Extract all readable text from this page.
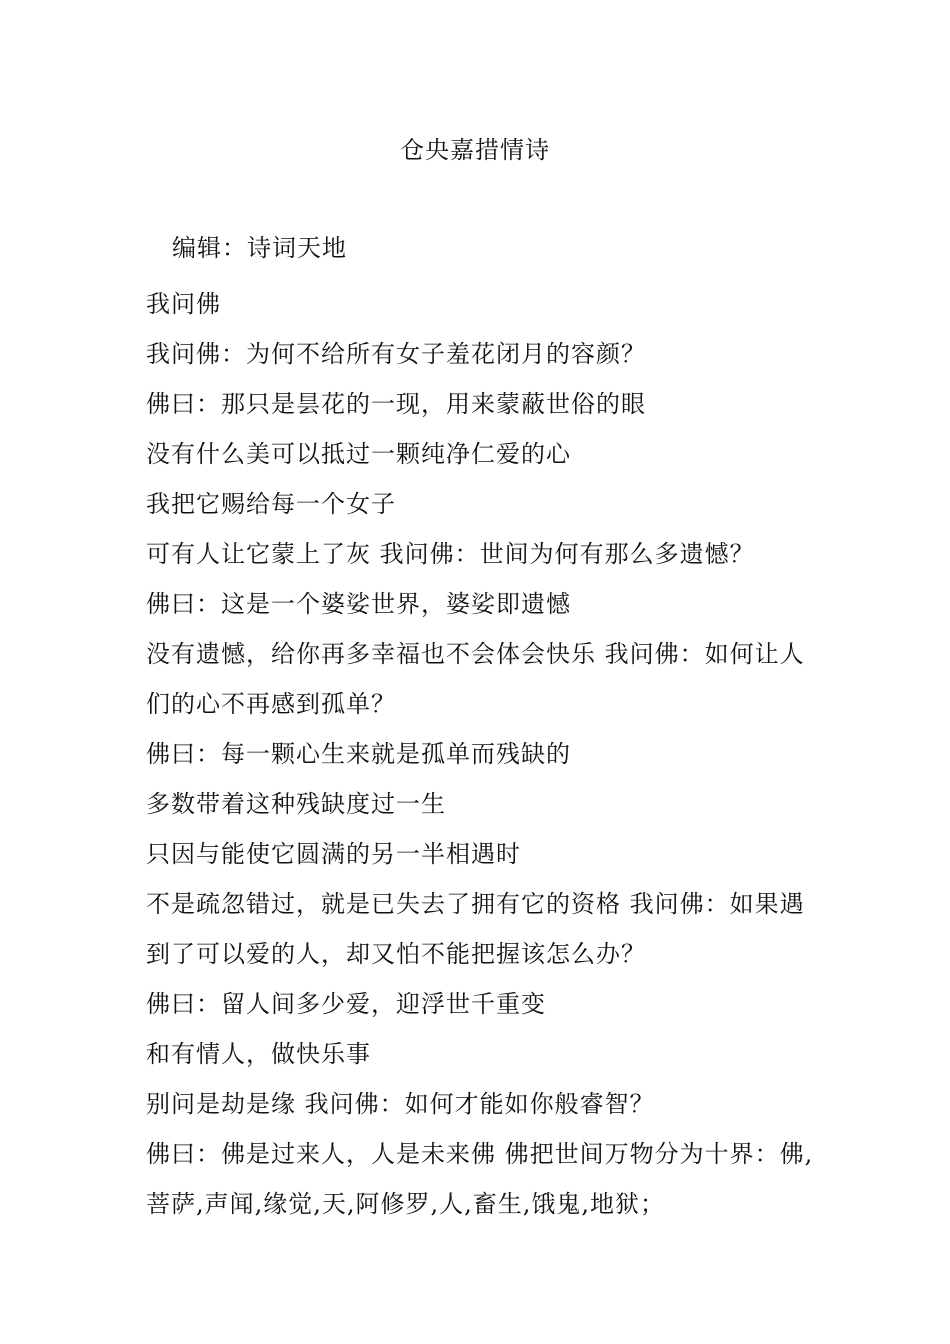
仓央嘉措情诗
编辑：诗词天地
我问佛
我问佛：为何不给所有女子羞花闭月的容颜？
佛曰：那只是昙花的一现，用来蒙蔽世俗的眼
没有什么美可以抵过一颗纯净仁爱的心
我把它赐给每一个女子
可有人让它蒙上了灰 我问佛：世间为何有那么多遗憾？
佛曰：这是一个婆娑世界，婆娑即遗憾
没有遗憾，给你再多幸福也不会体会快乐 我问佛：如何让人
们的心不再感到孤单？
佛曰：每一颗心生来就是孤单而残缺的
多数带着这种残缺度过一生
只因与能使它圆满的另一半相遇时
不是疏忽错过，就是已失去了拥有它的资格 我问佛：如果遇
到了可以爱的人，却又怕不能把握该怎么办？
佛曰：留人间多少爱，迎浮世千重变
和有情人，做快乐事
别问是劫是缘 我问佛：如何才能如你般睿智？
佛曰：佛是过来人，人是未来佛 佛把世间万物分为十界：佛,
菩萨,声闻,缘觉,天,阿修罗,人,畜生,饿鬼,地狱；
